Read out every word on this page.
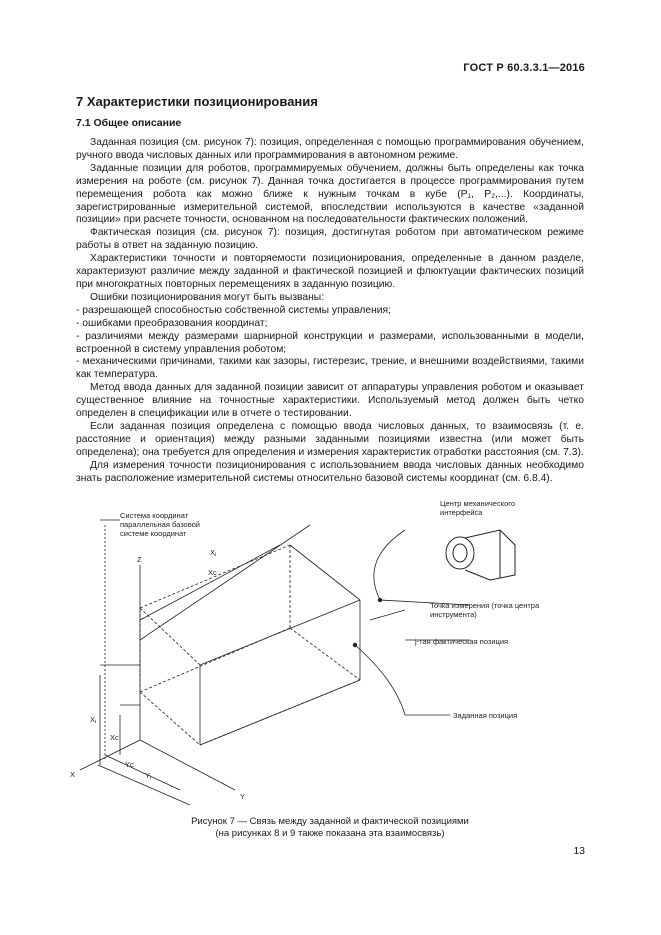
ГОСТ Р 60.3.3.1—2016
7 Характеристики позиционирования
7.1 Общее описание

Заданная позиция (см. рисунок 7): позиция, определенная с помощью программирования обучением, ручного ввода числовых данных или программирования в автономном режиме.

Заданные позиции для роботов, программируемых обучением, должны быть определены как точка измерения на роботе (см. рисунок 7). Данная точка достигается в процессе программирования путем перемещения робота как можно ближе к нужным точкам в кубе (P₁, P₂,...). Координаты, зарегистрированные измерительной системой, впоследствии используются в качестве «заданной позиции» при расчете точности, основанном на последовательности фактических положений.

Фактическая позиция (см. рисунок 7): позиция, достигнутая роботом при автоматическом режиме работы в ответ на заданную позицию.

Характеристики точности и повторяемости позиционирования, определенные в данном разделе, характеризуют различие между заданной и фактической позицией и флюктуации фактических позиций при многократных повторных перемещениях в заданную позицию.

Ошибки позиционирования могут быть вызваны:

- разрешающей способностью собственной системы управления;

- ошибками преобразования координат;

- различиями между размерами шарнирной конструкции и размерами, использованными в модели, встроенной в систему управления роботом;

- механическими причинами, такими как зазоры, гистерезис, трение, и внешними воздействиями, такими как температура.

Метод ввода данных для заданной позиции зависит от аппаратуры управления роботом и оказывает существенное влияние на точностные характеристики. Используемый метод должен быть четко определен в спецификации или в отчете о тестировании.

Если заданная позиция определена с помощью ввода числовых данных, то взаимосвязь (т. е. расстояние и ориентация) между разными заданными позициями известна (или может быть определена); она требуется для определения и измерения характеристик отработки расстояния (см. 7.3).

Для измерения точности позиционирования с использованием ввода числовых данных необходимо знать расположение измерительной системы относительно базовой системы координат (см. 6.8.4).

Система координат параллельная базовой системе координат
Центр механического интерфейса
Точка измерения (точка центра инструмента)
j-тая фактическая позиция
Заданная позиция
X
Y
Z
Xⱼ
Xc
Xⱼ
Xc
Yc
Yⱼ
Рисунок 7 — Связь между заданной и фактической позициями
(на рисунках 8 и 9 также показана эта взаимосвязь)
13
